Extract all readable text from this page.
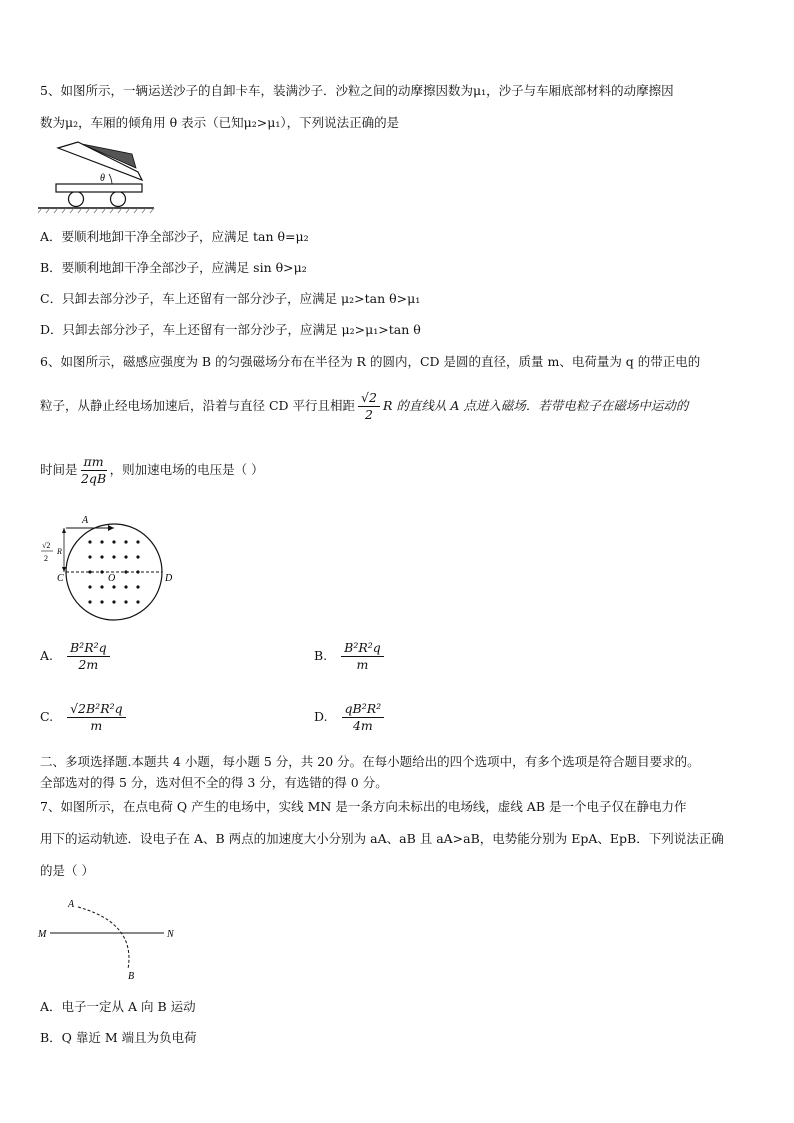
5、如图所示，一辆运送沙子的自卸卡车，装满沙子．沙粒之间的动摩擦因数为μ₁，沙子与车厢底部材料的动摩擦因
数为μ₂，车厢的倾角用 θ 表示（已知μ₂>μ₁），下列说法正确的是
θ
A．要顺利地卸干净全部沙子，应满足 tan θ=μ₂
B．要顺利地卸干净全部沙子，应满足 sin θ>μ₂
C．只卸去部分沙子，车上还留有一部分沙子，应满足 μ₂>tan θ>μ₁
D．只卸去部分沙子，车上还留有一部分沙子，应满足 μ₂>μ₁>tan θ
6、如图所示，磁感应强度为 B 的匀强磁场分布在半径为 R 的圆内，CD 是圆的直径，质量 m、电荷量为 q 的带正电的
粒子，从静止经电场加速后，沿着与直径 CD 平行且相距 $\frac{√2}{2}$ R 的直线从 A 点进入磁场．若带电粒子在磁场中运动的
时间是 $\frac{\pi m}{2qB}$ ，则加速电场的电压是（ ）
A
C	D
O
R
√2
2
A. $\frac{\text{B²R²q}}{2m}$	B. $\frac{\text{B²R²q}}{m}$
C. $\frac{\text{√2B²R²q}}{m}$	D. $\frac{\text{qB²R²}}{4m}$
二、多项选择题.本题共 4 小题，每小题 5 分，共 20 分。在每小题给出的四个选项中，有多个选项是符合题目要求的。
全部选对的得 5 分，选对但不全的得 3 分，有选错的得 0 分。
7、如图所示，在点电荷 Q 产生的电场中，实线 MN 是一条方向未标出的电场线，虚线 AB 是一个电子仅在静电力作
用下的运动轨迹．设电子在 A、B 两点的加速度大小分别为 aA、aB 且 aA>aB，电势能分别为 EpA、EpB．下列说法正确
的是（ ）
M	N
A
B
A．电子一定从 A 向 B 运动
B．Q 靠近 M 端且为负电荷
